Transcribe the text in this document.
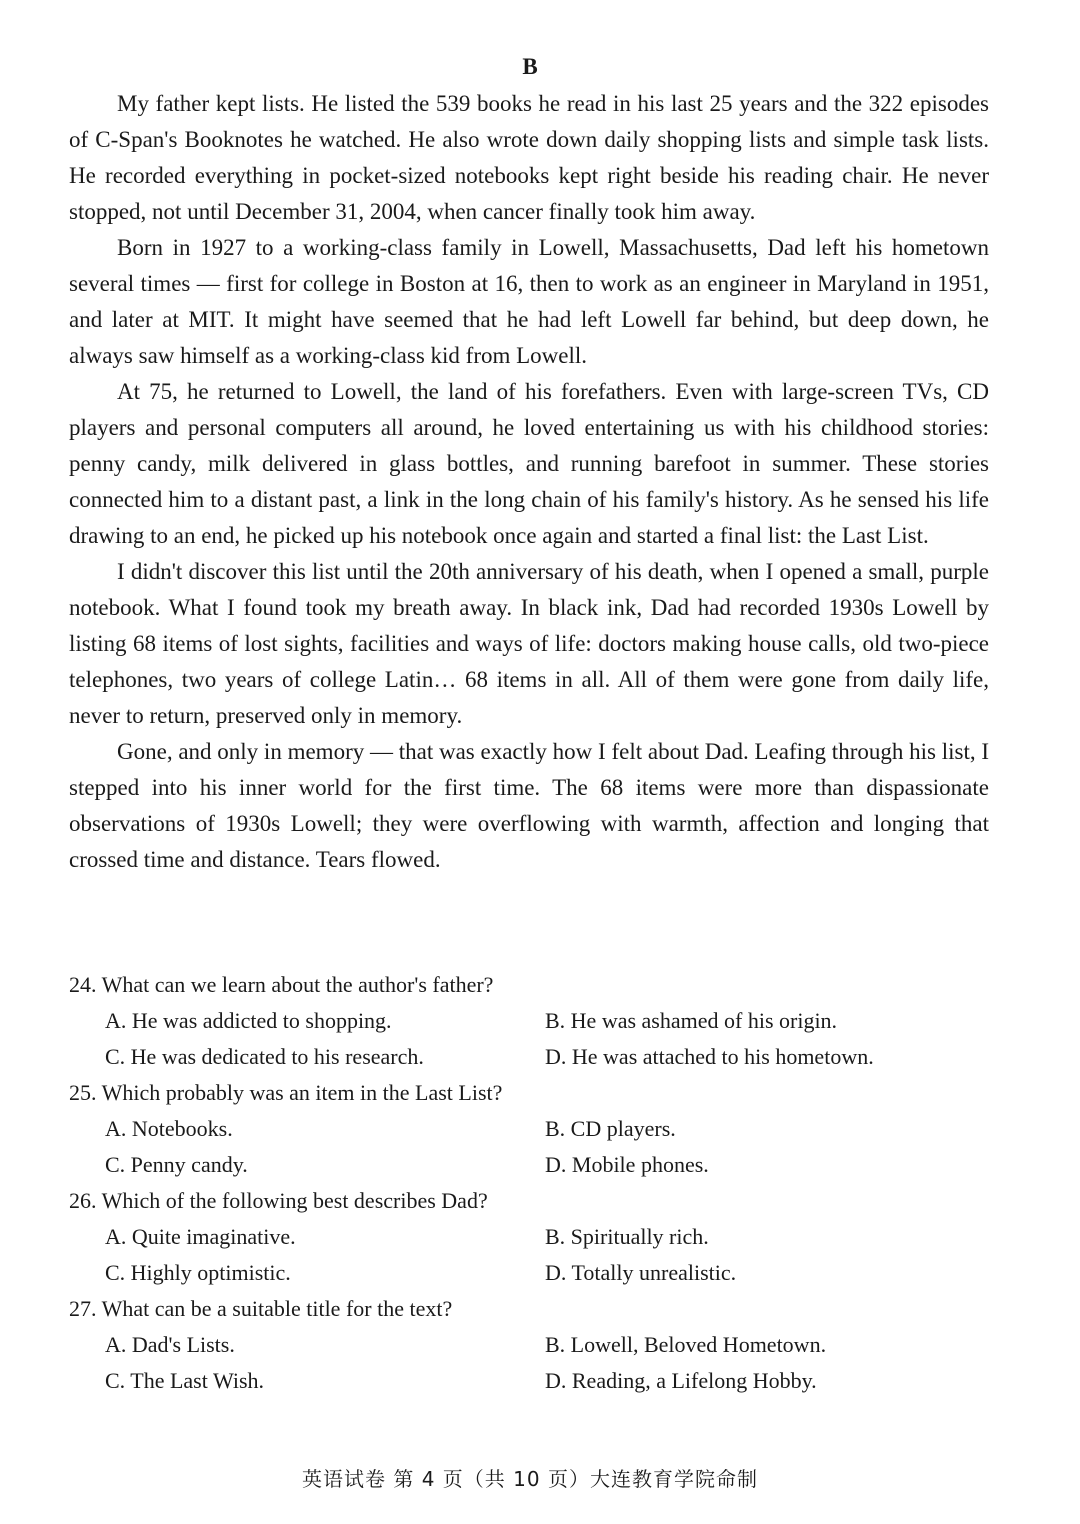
B

My father kept lists. He listed the 539 books he read in his last 25 years and the 322 episodes of C-Span's Booknotes he watched. He also wrote down daily shopping lists and simple task lists. He recorded everything in pocket-sized notebooks kept right beside his reading chair. He never stopped, not until December 31, 2004, when cancer finally took him away.

Born in 1927 to a working-class family in Lowell, Massachusetts, Dad left his hometown several times — first for college in Boston at 16, then to work as an engineer in Maryland in 1951, and later at MIT. It might have seemed that he had left Lowell far behind, but deep down, he always saw himself as a working-class kid from Lowell.

At 75, he returned to Lowell, the land of his forefathers. Even with large-screen TVs, CD players and personal computers all around, he loved entertaining us with his childhood stories: penny candy, milk delivered in glass bottles, and running barefoot in summer. These stories connected him to a distant past, a link in the long chain of his family's history. As he sensed his life drawing to an end, he picked up his notebook once again and started a final list: the Last List.

I didn't discover this list until the 20th anniversary of his death, when I opened a small, purple notebook. What I found took my breath away. In black ink, Dad had recorded 1930s Lowell by listing 68 items of lost sights, facilities and ways of life: doctors making house calls, old two-piece telephones, two years of college Latin… 68 items in all. All of them were gone from daily life, never to return, preserved only in memory.

Gone, and only in memory — that was exactly how I felt about Dad. Leafing through his list, I stepped into his inner world for the first time. The 68 items were more than dispassionate observations of 1930s Lowell; they were overflowing with warmth, affection and longing that crossed time and distance. Tears flowed.

24. What can we learn about the author's father?
A. He was addicted to shopping.	B. He was ashamed of his origin.
C. He was dedicated to his research.	D. He was attached to his hometown.
25. Which probably was an item in the Last List?
A. Notebooks.	B. CD players.
C. Penny candy.	D. Mobile phones.
26. Which of the following best describes Dad?
A. Quite imaginative.	B. Spiritually rich.
C. Highly optimistic.	D. Totally unrealistic.
27. What can be a suitable title for the text?
A. Dad's Lists.	B. Lowell, Beloved Hometown.
C. The Last Wish.	D. Reading, a Lifelong Hobby.
英语试卷 第 4 页（共 10 页）大连教育学院命制
